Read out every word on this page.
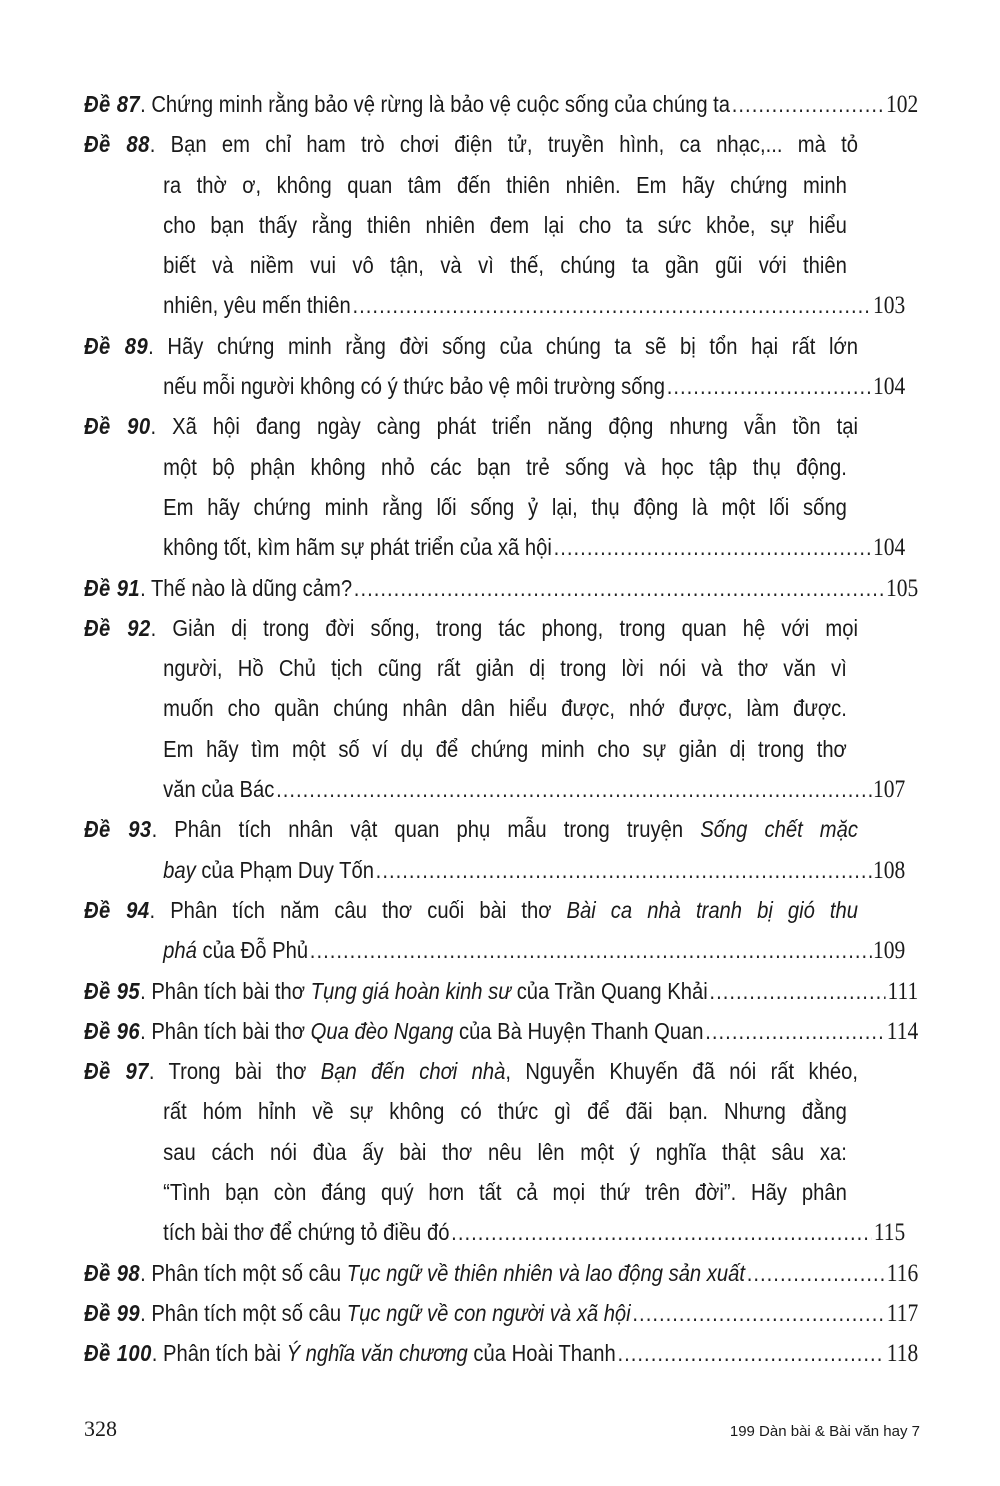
Đề 87. Chứng minh rằng bảo vệ rừng là bảo vệ cuộc sống của chúng ta .....	102
Đề 88. Bạn em chỉ ham trò chơi điện tử, truyền hình, ca nhạc,... mà tỏ
ra thờ ơ, không quan tâm đến thiên nhiên. Em hãy chứng minh
cho bạn thấy rằng thiên nhiên đem lại cho ta sức khỏe, sự hiểu
biết và niềm vui vô tận, và vì thế, chúng ta gần gũi với thiên
nhiên, yêu mến thiên .....	103
Đề 89. Hãy chứng minh rằng đời sống của chúng ta sẽ bị tổn hại rất lớn
nếu mỗi người không có ý thức bảo vệ môi trường sống .....	104
Đề 90. Xã hội đang ngày càng phát triển năng động nhưng vẫn tồn tại
một bộ phận không nhỏ các bạn trẻ sống và học tập thụ động.
Em hãy chứng minh rằng lối sống ỷ lại, thụ động là một lối sống
không tốt, kìm hãm sự phát triển của xã hội .....	104
Đề 91. Thế nào là dũng cảm? .....	105
Đề 92. Giản dị trong đời sống, trong tác phong, trong quan hệ với mọi
người, Hồ Chủ tịch cũng rất giản dị trong lời nói và thơ văn vì
muốn cho quần chúng nhân dân hiểu được, nhớ được, làm được.
Em hãy tìm một số ví dụ để chứng minh cho sự giản dị trong thơ
văn của Bác .....	107
Đề 93. Phân tích nhân vật quan phụ mẫu trong truyện Sống chết mặc
bay của Phạm Duy Tốn .....	108
Đề 94. Phân tích năm câu thơ cuối bài thơ Bài ca nhà tranh bị gió thu
phá của Đỗ Phủ .....	109
Đề 95. Phân tích bài thơ Tụng giá hoàn kinh sư của Trần Quang Khải .....	111
Đề 96. Phân tích bài thơ Qua đèo Ngang của Bà Huyện Thanh Quan .....	114
Đề 97. Trong bài thơ Bạn đến chơi nhà, Nguyễn Khuyến đã nói rất khéo,
rất hóm hỉnh về sự không có thức gì để đãi bạn. Nhưng đằng
sau cách nói đùa ấy bài thơ nêu lên một ý nghĩa thật sâu xa:
“Tình bạn còn đáng quý hơn tất cả mọi thứ trên đời”. Hãy phân
tích bài thơ để chứng tỏ điều đó .....	115
Đề 98. Phân tích một số câu Tục ngữ về thiên nhiên và lao động sản xuất .....	116
Đề 99. Phân tích một số câu Tục ngữ về con người và xã hội .....	117
Đề 100. Phân tích bài Ý nghĩa văn chương của Hoài Thanh .....	118
328	199 Dàn bài & Bài văn hay 7
